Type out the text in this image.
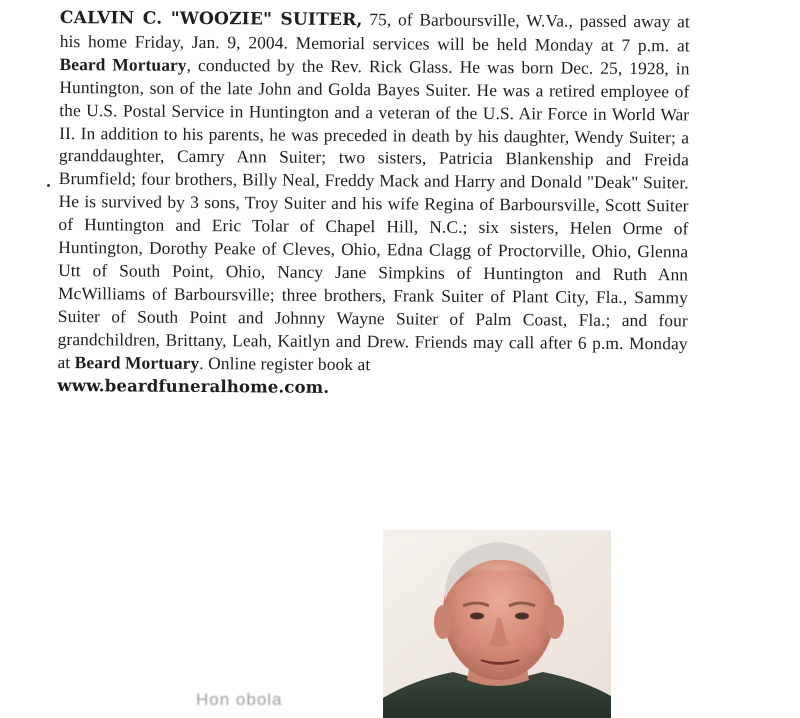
CALVIN C. "WOOZIE" SUITER, 75, of Barboursville, W.Va., passed away at his home Friday, Jan. 9, 2004. Memorial services will be held Monday at 7 p.m. at Beard Mortuary, conducted by the Rev. Rick Glass. He was born Dec. 25, 1928, in Huntington, son of the late John and Golda Bayes Suiter. He was a retired employee of the U.S. Postal Service in Huntington and a veteran of the U.S. Air Force in World War II. In addition to his parents, he was preceded in death by his daughter, Wendy Suiter; a granddaughter, Camry Ann Suiter; two sisters, Patricia Blankenship and Freida Brumfield; four brothers, Billy Neal, Freddy Mack and Harry and Donald "Deak" Suiter. He is survived by 3 sons, Troy Suiter and his wife Regina of Barboursville, Scott Suiter of Huntington and Eric Tolar of Chapel Hill, N.C.; six sisters, Helen Orme of Huntington, Dorothy Peake of Cleves, Ohio, Edna Clagg of Proctorville, Ohio, Glenna Utt of South Point, Ohio, Nancy Jane Simpkins of Huntington and Ruth Ann McWilliams of Barboursville; three brothers, Frank Suiter of Plant City, Fla., Sammy Suiter of South Point and Johnny Wayne Suiter of Palm Coast, Fla.; and four grandchildren, Brittany, Leah, Kaitlyn and Drew. Friends may call after 6 p.m. Monday at Beard Mortuary. Online register book at
www.beardfuneralhome.com.

Hon obola
